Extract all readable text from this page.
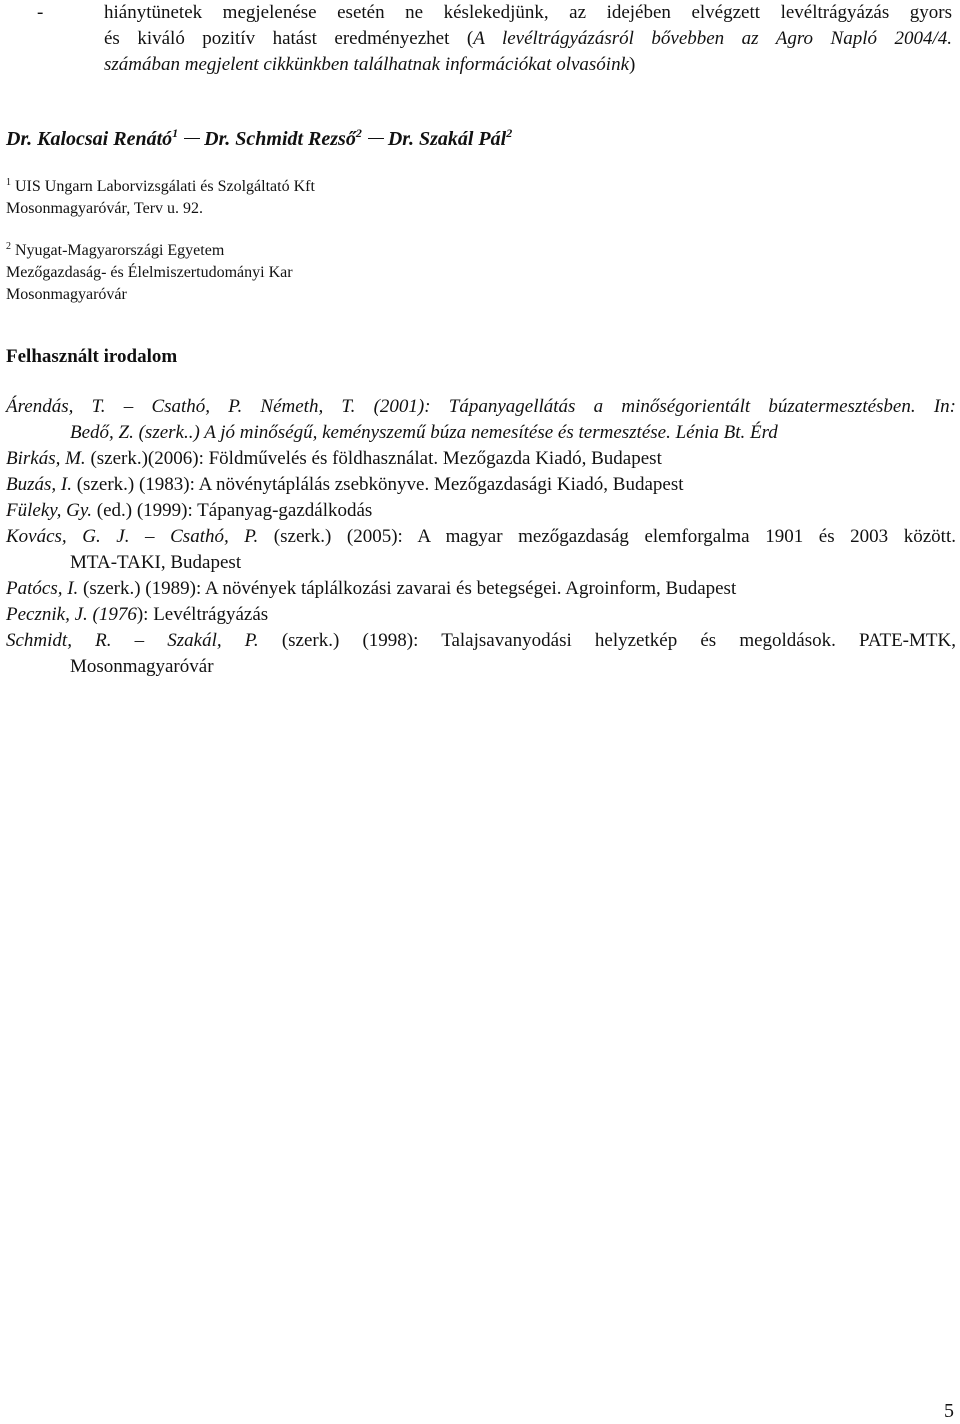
-	hiánytünetek megjelenése esetén ne késlekedjünk, az idejében elvégzett levéltrágyázás gyors
és kiváló pozitív hatást eredményezhet (A levéltrágyázásról bővebben az Agro Napló 2004/4.
számában megjelent cikkünkben találhatnak információkat olvasóink)
Dr. Kalocsai Renátó$^1$ Dr. Schmidt Rezső$^2$ Dr. Szakál Pál$^2$
$^1$ UIS Ungarn Laborvizsgálati és Szolgáltató Kft
Mosonmagyaróvár, Terv u. 92.
$^2$ Nyugat-Magyarországi Egyetem
Mezőgazdaság- és Élelmiszertudományi Kar
Mosonmagyaróvár
Felhasznált irodalom

Árendás, T. – Csathó, P. Németh, T. (2001): Tápanyagellátás a minőségorientált búzatermesztésben. In:
Bedő, Z. (szerk..) A jó minőségű, keményszemű búza nemesítése és termesztése. Lénia Bt. Érd

Birkás, M. (szerk.)(2006): Földművelés és földhasználat. Mezőgazda Kiadó, Budapest

Buzás, I. (szerk.) (1983): A növénytáplálás zsebkönyve. Mezőgazdasági Kiadó, Budapest

Füleky, Gy. (ed.) (1999): Tápanyag-gazdálkodás

Kovács, G. J. – Csathó, P. (szerk.) (2005): A magyar mezőgazdaság elemforgalma 1901 és 2003 között.
MTA-TAKI, Budapest

Patócs, I. (szerk.) (1989): A növények táplálkozási zavarai és betegségei. Agroinform, Budapest

Pecznik, J. (1976): Levéltrágyázás

Schmidt, R. – Szakál, P. (szerk.) (1998): Talajsavanyodási helyzetkép és megoldások. PATE-MTK,
Mosonmagyaróvár

5
